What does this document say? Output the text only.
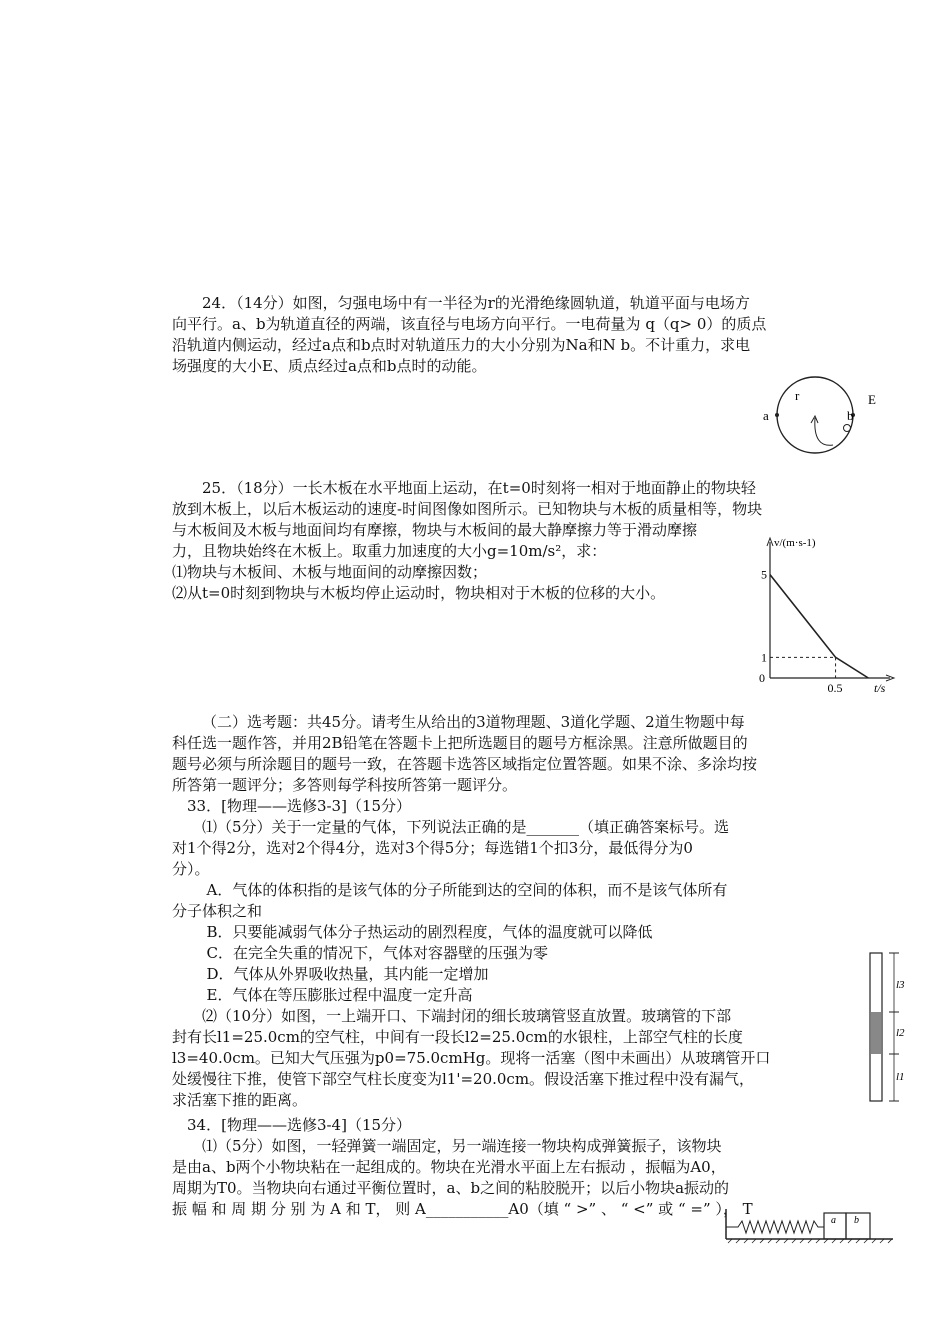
24．（14分）如图，匀强电场中有一半径为r的光滑绝缘圆轨道，轨道平面与电场方
向平行。a、b为轨道直径的两端，该直径与电场方向平行。一电荷量为 q（q> 0）的质点
沿轨道内侧运动，经过a点和b点时对轨道压力的大小分别为Na和N b。不计重力，求电
场强度的大小E、质点经过a点和b点时的动能。
a	b
r	E
25．（18分）一长木板在水平地面上运动，在t=0时刻将一相对于地面静止的物块轻
放到木板上，以后木板运动的速度-时间图像如图所示。已知物块与木板的质量相等，物块
与木板间及木板与地面间均有摩擦，物块与木板间的最大静摩擦力等于滑动摩擦
力，且物块始终在木板上。取重力加速度的大小g=10m/s²，求：
⑴物块与木板间、木板与地面间的动摩擦因数；
⑵从t=0时刻到物块与木板均停止运动时，物块相对于木板的位移的大小。
v/(m·s-1)
t/s
5
1
0
0.5
（二）选考题：共45分。请考生从给出的3道物理题、3道化学题、2道生物题中每
科任选一题作答，并用2B铅笔在答题卡上把所选题目的题号方框涂黑。注意所做题目的
题号必须与所涂题目的题号一致，在答题卡选答区域指定位置答题。如果不涂、多涂均按
所答第一题评分；多答则每学科按所答第一题评分。
33．[物理——选修3-3]（15分）
⑴（5分）关于一定量的气体，下列说法正确的是_______（填正确答案标号。选
对1个得2分，选对2个得4分，选对3个得5分；每选错1个扣3分，最低得分为0
分）。
A．气体的体积指的是该气体的分子所能到达的空间的体积，而不是该气体所有
分子体积之和
B．只要能减弱气体分子热运动的剧烈程度，气体的温度就可以降低
C．在完全失重的情况下，气体对容器壁的压强为零
D．气体从外界吸收热量，其内能一定增加
E．气体在等压膨胀过程中温度一定升高
⑵（10分）如图，一上端开口、下端封闭的细长玻璃管竖直放置。玻璃管的下部
封有长l1=25.0cm的空气柱，中间有一段长l2=25.0cm的水银柱，上部空气柱的长度
l3=40.0cm。已知大气压强为p0=75.0cmHg。现将一活塞（图中未画出）从玻璃管开口
处缓慢往下推，使管下部空气柱长度变为l1'=20.0cm。假设活塞下推过程中没有漏气，
求活塞下推的距离。
l3
l2
l1
34．[物理——选修3-4]（15分）
⑴（5分）如图，一轻弹簧一端固定，另一端连接一物块构成弹簧振子，该物块
是由a、b两个小物块粘在一起组成的。物块在光滑水平面上左右振动 ，振幅为A0，
周期为T0。当物块向右通过平衡位置时，a、b之间的粘胶脱开；以后小物块a振动的
振 幅 和 周 期 分 别 为 A 和 T， 则 A___________A0（填 “ >” 、 “ <” 或 “ =” ）， T
a b
